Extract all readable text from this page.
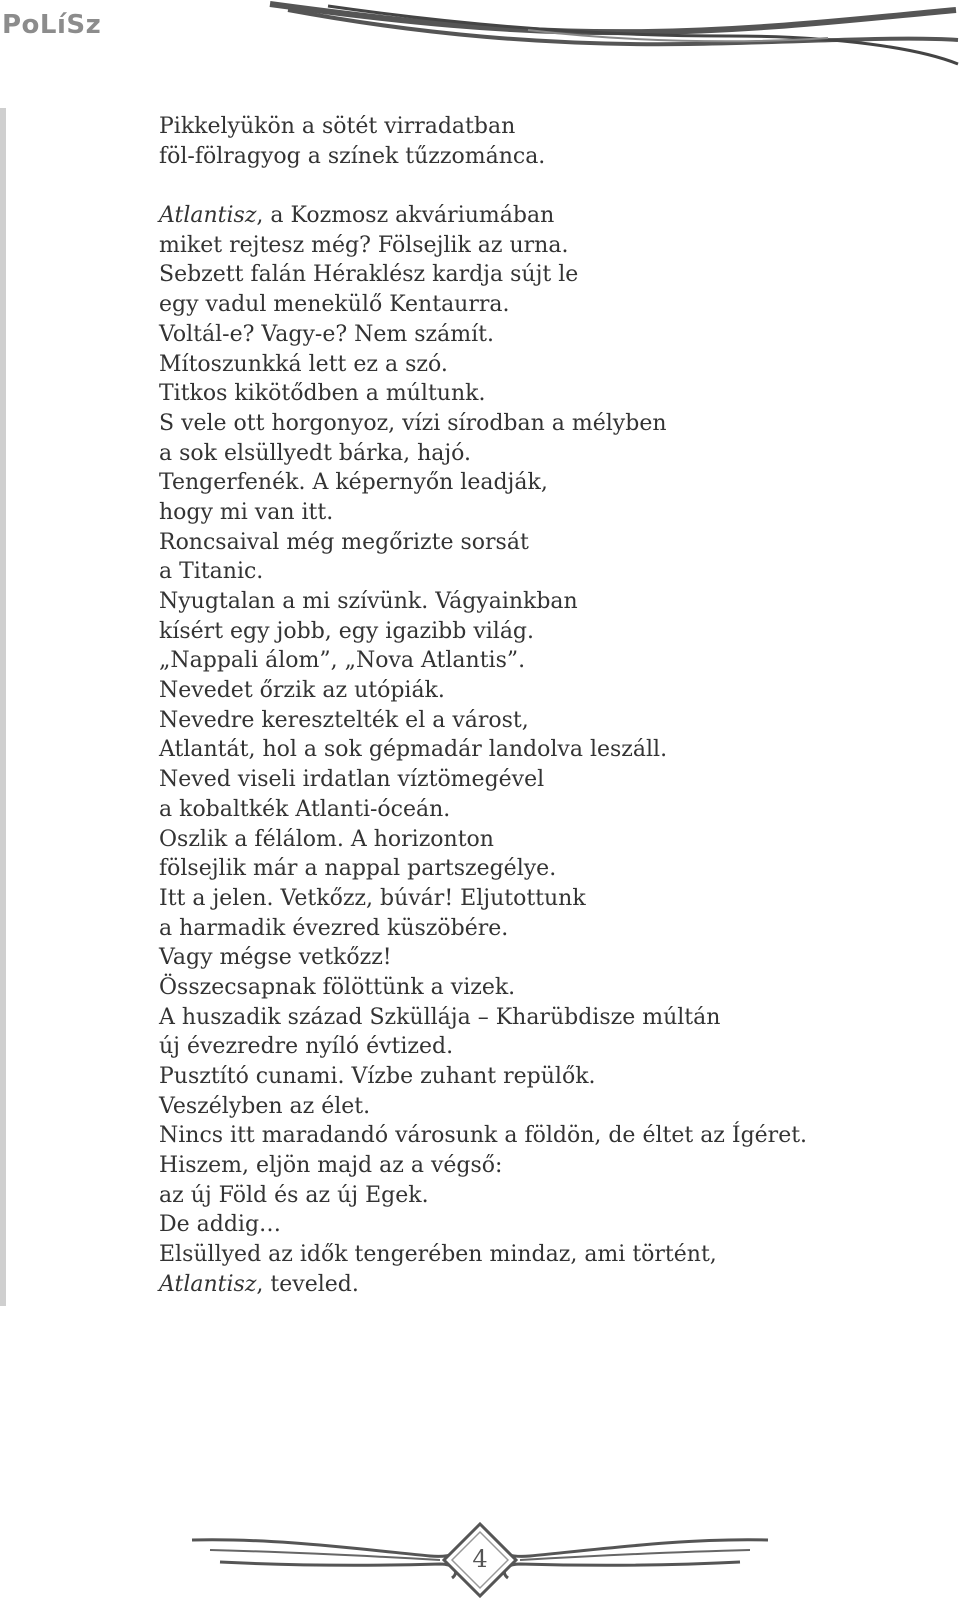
PoLíSz
Pikkelyükön a sötét virradatban
föl-fölragyog a színek tűzzománca.
Atlantisz, a Kozmosz akváriumában
miket rejtesz még? Fölsejlik az urna.
Sebzett falán Héraklész kardja sújt le
egy vadul menekülő Kentaurra.
Voltál-e? Vagy-e? Nem számít.
Mítoszunkká lett ez a szó.
Titkos kikötődben a múltunk.
S vele ott horgonyoz, vízi sírodban a mélyben
a sok elsüllyedt bárka, hajó.
Tengerfenék. A képernyőn leadják,
hogy mi van itt.
Roncsaival még megőrizte sorsát
a Titanic.
Nyugtalan a mi szívünk. Vágyainkban
kísért egy jobb, egy igazibb világ.
„Nappali álom”, „Nova Atlantis”.
Nevedet őrzik az utópiák.
Nevedre keresztelték el a várost,
Atlantát, hol a sok gépmadár landolva leszáll.
Neved viseli irdatlan víztömegével
a kobaltkék Atlanti-óceán.
Oszlik a félálom. A horizonton
fölsejlik már a nappal partszegélye.
Itt a jelen. Vetkőzz, búvár! Eljutottunk
a harmadik évezred küszöbére.
Vagy mégse vetkőzz!
Összecsapnak fölöttünk a vizek.
A huszadik század Szküllája – Kharübdisze múltán
új évezredre nyíló évtized.
Pusztító cunami. Vízbe zuhant repülők.
Veszélyben az élet.
Nincs itt maradandó városunk a földön, de éltet az Ígéret.
Hiszem, eljön majd az a végső:
az új Föld és az új Egek.
De addig…
Elsüllyed az idők tengerében mindaz, ami történt,
Atlantisz, teveled.
4
